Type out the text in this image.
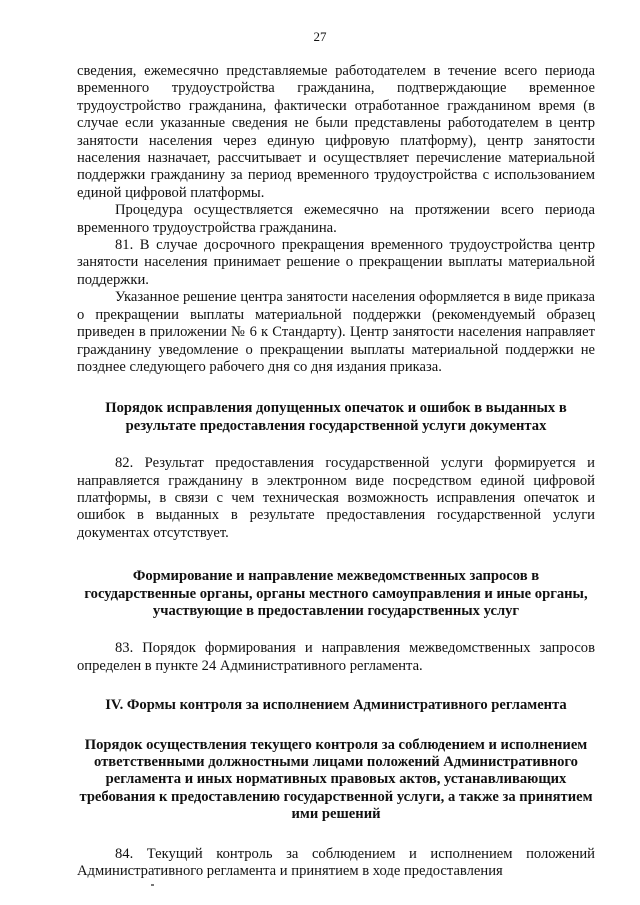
27

сведения, ежемесячно представляемые работодателем в течение всего периода временного трудоустройства гражданина, подтверждающие временное трудоустройство гражданина, фактически отработанное гражданином время (в случае если указанные сведения не были представлены работодателем в центр занятости населения через единую цифровую платформу), центр занятости населения назначает, рассчитывает и осуществляет перечисление материальной поддержки гражданину за период временного трудоустройства с использованием единой цифровой платформы.

Процедура осуществляется ежемесячно на протяжении всего периода временного трудоустройства гражданина.

81. В случае досрочного прекращения временного трудоустройства центр занятости населения принимает решение о прекращении выплаты материальной поддержки.

Указанное решение центра занятости населения оформляется в виде приказа о прекращении выплаты материальной поддержки (рекомендуемый образец приведен в приложении № 6 к Стандарту). Центр занятости населения направляет гражданину уведомление о прекращении выплаты материальной поддержки не позднее следующего рабочего дня со дня издания приказа.

Порядок исправления допущенных опечаток и ошибок в выданных в результате предоставления государственной услуги документах

82. Результат предоставления государственной услуги формируется и направляется гражданину в электронном виде посредством единой цифровой платформы, в связи с чем техническая возможность исправления опечаток и ошибок в выданных в результате предоставления государственной услуги документах отсутствует.

Формирование и направление межведомственных запросов в государственные органы, органы местного самоуправления и иные органы, участвующие в предоставлении государственных услуг

83. Порядок формирования и направления межведомственных запросов определен в пункте 24 Административного регламента.

IV. Формы контроля за исполнением Административного регламента
Порядок осуществления текущего контроля за соблюдением и исполнением ответственными должностными лицами положений Административного регламента и иных нормативных правовых актов, устанавливающих требования к предоставлению государственной услуги, а также за принятием ими решений

84. Текущий контроль за соблюдением и исполнением положений Административного регламента и принятием в ходе предоставления
